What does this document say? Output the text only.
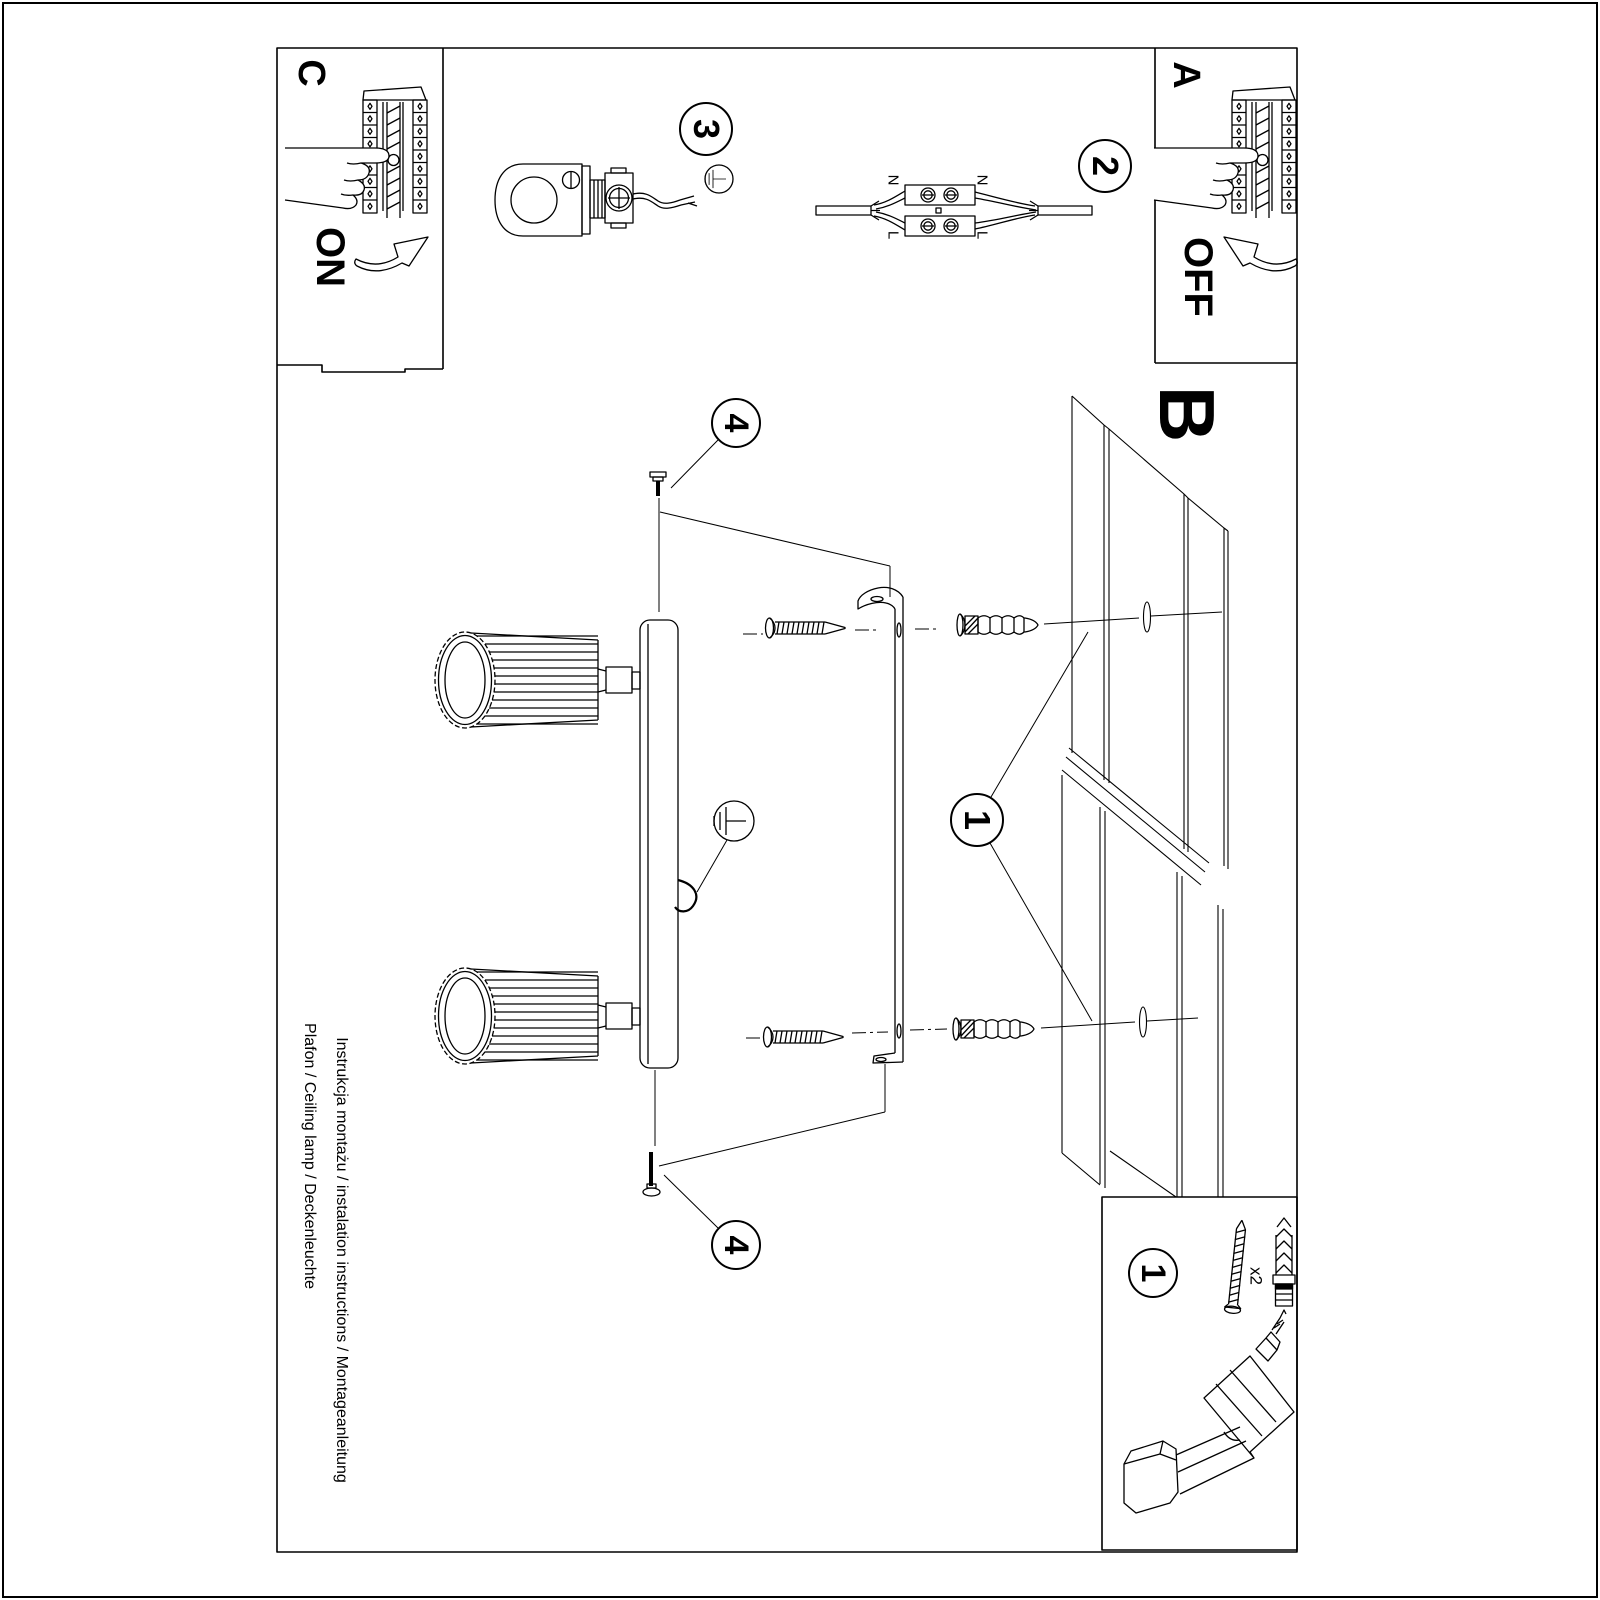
C
ON
A
OFF
B
3
2
4
4
1
1
N	N
L	L
x2
Instrukcja montażu / instalation instructions / Montageanleitung
Plafon / Ceiling lamp / Deckenleuchte
